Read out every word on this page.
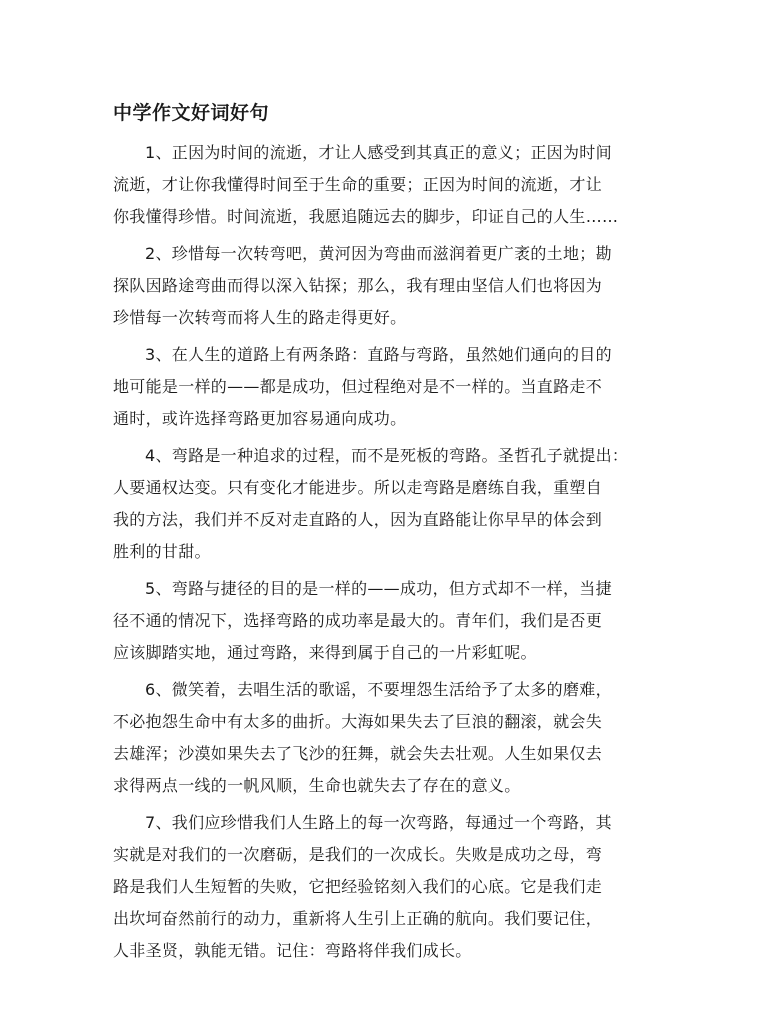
中学作文好词好句
1、正因为时间的流逝，才让人感受到其真正的意义；正因为时间
流逝，才让你我懂得时间至于生命的重要；正因为时间的流逝，才让
你我懂得珍惜。时间流逝，我愿追随远去的脚步，印证自己的人生……
2、珍惜每一次转弯吧，黄河因为弯曲而滋润着更广袤的土地；勘
探队因路途弯曲而得以深入钻探；那么，我有理由坚信人们也将因为
珍惜每一次转弯而将人生的路走得更好。
3、在人生的道路上有两条路：直路与弯路，虽然她们通向的目的
地可能是一样的——都是成功，但过程绝对是不一样的。当直路走不
通时，或许选择弯路更加容易通向成功。
4、弯路是一种追求的过程，而不是死板的弯路。圣哲孔子就提出：
人要通权达变。只有变化才能进步。所以走弯路是磨练自我，重塑自
我的方法，我们并不反对走直路的人，因为直路能让你早早的体会到
胜利的甘甜。
5、弯路与捷径的目的是一样的——成功，但方式却不一样，当捷
径不通的情况下，选择弯路的成功率是最大的。青年们，我们是否更
应该脚踏实地，通过弯路，来得到属于自己的一片彩虹呢。
6、微笑着，去唱生活的歌谣，不要埋怨生活给予了太多的磨难，
不必抱怨生命中有太多的曲折。大海如果失去了巨浪的翻滚，就会失
去雄浑；沙漠如果失去了飞沙的狂舞，就会失去壮观。人生如果仅去
求得两点一线的一帆风顺，生命也就失去了存在的意义。
7、我们应珍惜我们人生路上的每一次弯路，每通过一个弯路，其
实就是对我们的一次磨砺，是我们的一次成长。失败是成功之母，弯
路是我们人生短暂的失败，它把经验铭刻入我们的心底。它是我们走
出坎坷奋然前行的动力，重新将人生引上正确的航向。我们要记住，
人非圣贤，孰能无错。记住：弯路将伴我们成长。
